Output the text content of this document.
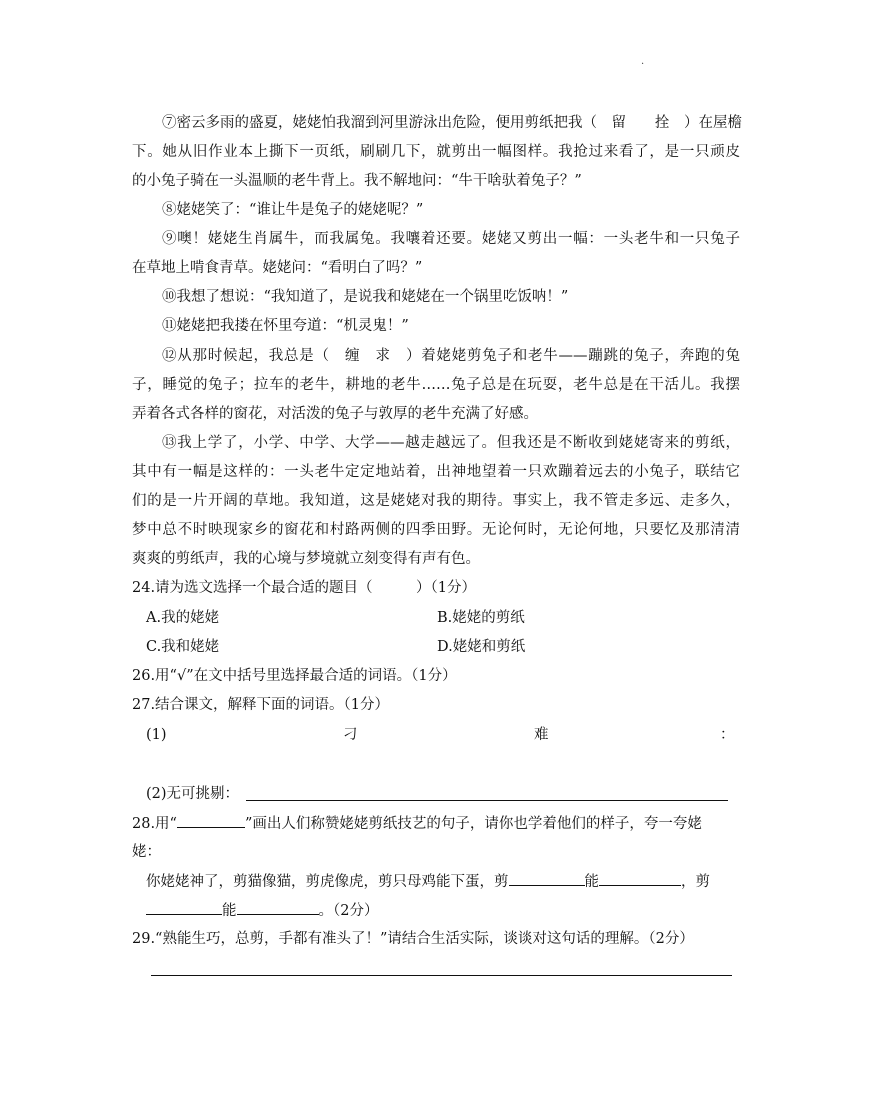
.
⑦密云多雨的盛夏，姥姥怕我溜到河里游泳出危险，便用剪纸把我（　留　　拴　）在屋檐
下。她从旧作业本上撕下一页纸，刷刷几下，就剪出一幅图样。我抢过来看了，是一只顽皮
的小兔子骑在一头温顺的老牛背上。我不解地问：“牛干啥驮着兔子？”
⑧姥姥笑了：“谁让牛是兔子的姥姥呢？”
⑨噢！姥姥生肖属牛，而我属兔。我嚷着还要。姥姥又剪出一幅：一头老牛和一只兔子
在草地上啃食青草。姥姥问：“看明白了吗？”
⑩我想了想说：“我知道了，是说我和姥姥在一个锅里吃饭呐！”
⑪姥姥把我搂在怀里夸道：“机灵鬼！”
⑫从那时候起，我总是（　缠　求　）着姥姥剪兔子和老牛——蹦跳的兔子，奔跑的兔
子，睡觉的兔子；拉车的老牛，耕地的老牛……兔子总是在玩耍，老牛总是在干活儿。我摆
弄着各式各样的窗花，对活泼的兔子与敦厚的老牛充满了好感。
⑬我上学了，小学、中学、大学——越走越远了。但我还是不断收到姥姥寄来的剪纸，
其中有一幅是这样的：一头老牛定定地站着，出神地望着一只欢蹦着远去的小兔子，联结它
们的是一片开阔的草地。我知道，这是姥姥对我的期待。事实上，我不管走多远、走多久，
梦中总不时映现家乡的窗花和村路两侧的四季田野。无论何时，无论何地，只要忆及那清清
爽爽的剪纸声，我的心境与梦境就立刻变得有声有色。
24.请为选文选择一个最合适的题目（　　　）（1分）
A.我的姥姥	B.姥姥的剪纸
C.我和姥姥	D.姥姥和剪纸
26.用“√”在文中括号里选择最合适的词语。（1分）
27.结合课文，解释下面的词语。（1分）
(1)	刁	难	：
(2)无可挑剔：
28.用“	”画出人们称赞姥姥剪纸技艺的句子，请你也学着他们的样子，夸一夸姥
姥：
你姥姥神了，剪猫像猫，剪虎像虎，剪只母鸡能下蛋，剪	能	，剪
能	。（2分）
29.“熟能生巧，总剪，手都有准头了！”请结合生活实际，谈谈对这句话的理解。（2分）
